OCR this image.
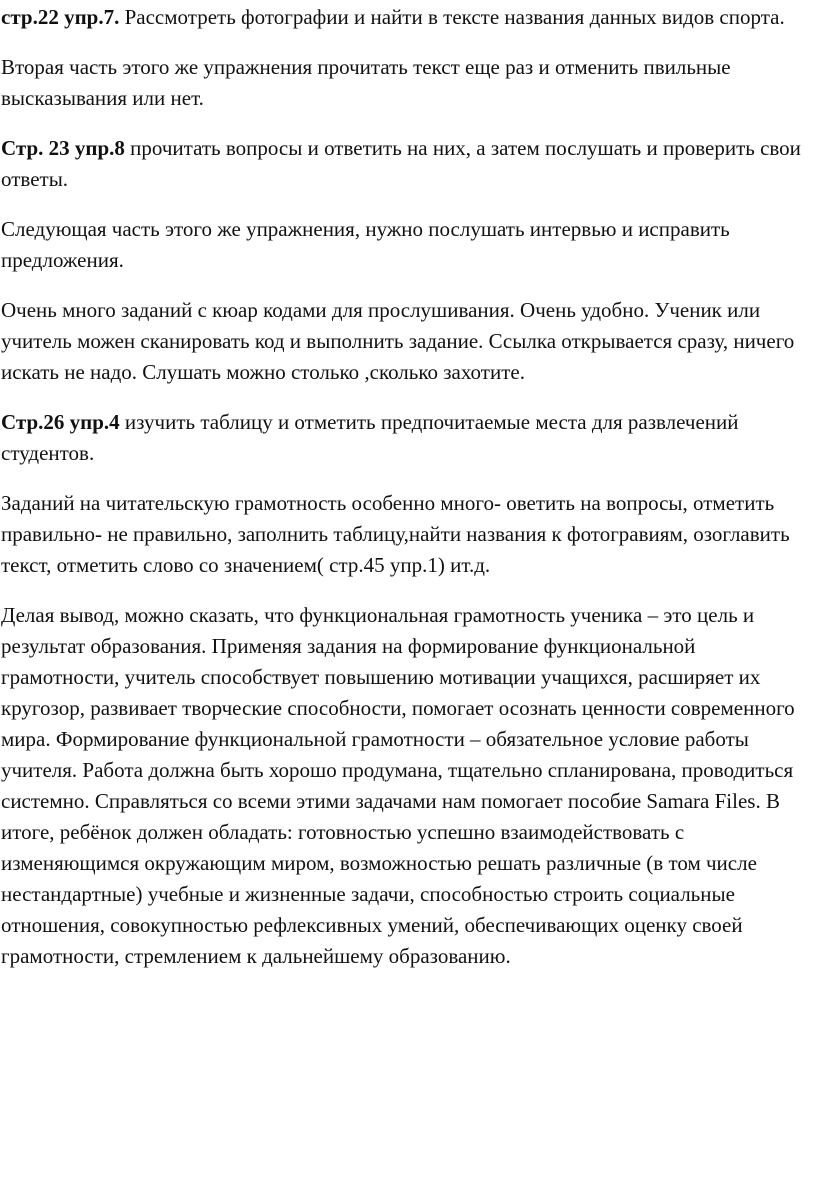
стр.22 упр.7. Рассмотреть фотографии и найти в тексте названия данных видов спорта.

Вторая часть этого же упражнения прочитать текст еще раз и отменить пвильные высказывания или нет.

Стр. 23 упр.8 прочитать вопросы и ответить на них, а затем послушать и проверить свои ответы.

Следующая часть этого же упражнения, нужно послушать интервью и исправить предложения.

Очень много заданий с кюар кодами для прослушивания. Очень удобно. Ученик или учитель можен сканировать код и выполнить задание. Ссылка открывается сразу, ничего искать не надо. Слушать можно столько ,сколько захотите.

Стр.26 упр.4 изучить таблицу и отметить предпочитаемые места для развлечений студентов.

Заданий на читательскую грамотность особенно много- оветить на вопросы, отметить правильно- не правильно, заполнить таблицу,найти названия к фотогравиям, озоглавить текст, отметить слово со значением( стр.45 упр.1) ит.д.

Делая вывод, можно сказать, что функциональная грамотность ученика – это цель и результат образования. Применяя задания на формирование функциональной грамотности, учитель способствует повышению мотивации учащихся, расширяет их кругозор, развивает творческие способности, помогает осознать ценности современного мира. Формирование функциональной грамотности – обязательное условие работы учителя. Работа должна быть хорошо продумана, тщательно спланирована, проводиться системно. Справляться со всеми этими задачами нам помогает пособие Samara Files. В итоге, ребёнок должен обладать: готовностью успешно взаимодействовать с изменяющимся окружающим миром, возможностью решать различные (в том числе нестандартные) учебные и жизненные задачи, способностью строить социальные отношения, совокупностью рефлексивных умений, обеспечивающих оценку своей грамотности, стремлением к дальнейшему образованию.
